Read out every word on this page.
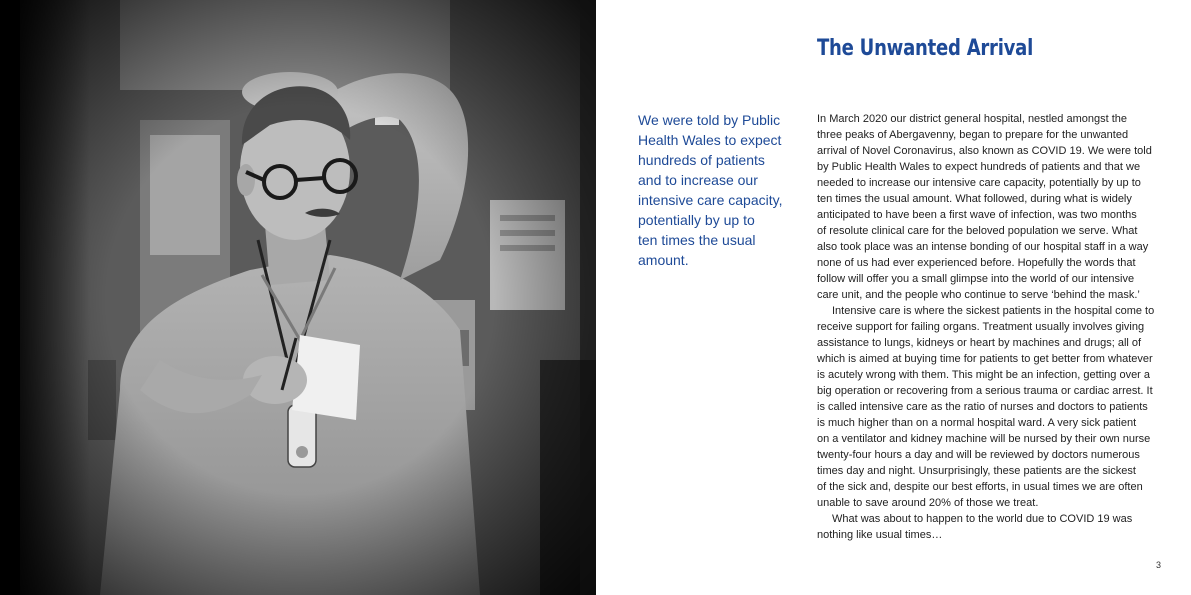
The Unwanted Arrival
We were told by Public
Health Wales to expect
hundreds of patients
and to increase our
intensive care capacity,
potentially by up to
ten times the usual
amount.
In March 2020 our district general hospital, nestled amongst the
three peaks of Abergavenny, began to prepare for the unwanted
arrival of Novel Coronavirus, also known as COVID 19. We were told
by Public Health Wales to expect hundreds of patients and that we
needed to increase our intensive care capacity, potentially by up to
ten times the usual amount. What followed, during what is widely
anticipated to have been a first wave of infection, was two months
of resolute clinical care for the beloved population we serve. What
also took place was an intense bonding of our hospital staff in a way
none of us had ever experienced before. Hopefully the words that
follow will offer you a small glimpse into the world of our intensive
care unit, and the people who continue to serve ‘behind the mask.’
Intensive care is where the sickest patients in the hospital come to
receive support for failing organs. Treatment usually involves giving
assistance to lungs, kidneys or heart by machines and drugs; all of
which is aimed at buying time for patients to get better from whatever
is acutely wrong with them. This might be an infection, getting over a
big operation or recovering from a serious trauma or cardiac arrest. It
is called intensive care as the ratio of nurses and doctors to patients
is much higher than on a normal hospital ward. A very sick patient
on a ventilator and kidney machine will be nursed by their own nurse
twenty-four hours a day and will be reviewed by doctors numerous
times day and night. Unsurprisingly, these patients are the sickest
of the sick and, despite our best efforts, in usual times we are often
unable to save around 20% of those we treat.
What was about to happen to the world due to COVID 19 was
nothing like usual times…
3
